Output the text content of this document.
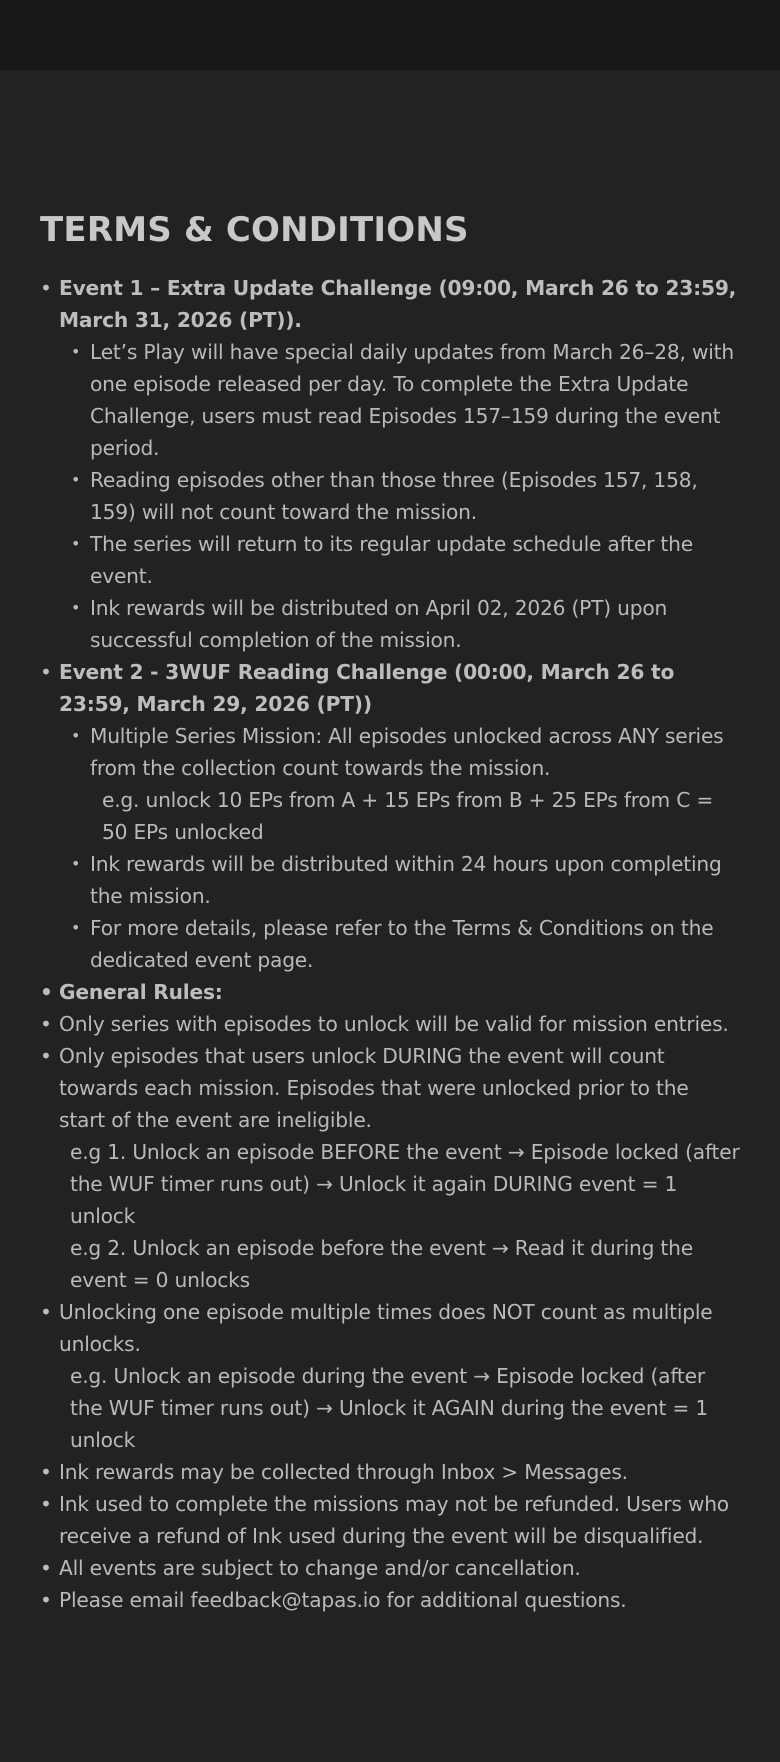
TERMS & CONDITIONS
• Event 1 – Extra Update Challenge (09:00, March 26 to 23:59, March 31, 2026 (PT)).
• Let’s Play will have special daily updates from March 26–28, with one episode released per day. To complete the Extra Update Challenge, users must read Episodes 157–159 during the event period.
• Reading episodes other than those three (Episodes 157, 158, 159) will not count toward the mission.
• The series will return to its regular update schedule after the event.
• Ink rewards will be distributed on April 02, 2026 (PT) upon successful completion of the mission.
• Event 2 - 3WUF Reading Challenge (00:00, March 26 to 23:59, March 29, 2026 (PT))
• Multiple Series Mission: All episodes unlocked across ANY series from the collection count towards the mission.
e.g. unlock 10 EPs from A + 15 EPs from B + 25 EPs from C = 50 EPs unlocked
• Ink rewards will be distributed within 24 hours upon completing the mission.
• For more details, please refer to the Terms & Conditions on the dedicated event page.
• General Rules:
• Only series with episodes to unlock will be valid for mission entries.
• Only episodes that users unlock DURING the event will count towards each mission. Episodes that were unlocked prior to the start of the event are ineligible.
e.g 1. Unlock an episode BEFORE the event → Episode locked (after the WUF timer runs out) → Unlock it again DURING event = 1 unlock
e.g 2. Unlock an episode before the event → Read it during the event = 0 unlocks
• Unlocking one episode multiple times does NOT count as multiple unlocks.
e.g. Unlock an episode during the event → Episode locked (after the WUF timer runs out) → Unlock it AGAIN during the event = 1 unlock
• Ink rewards may be collected through Inbox > Messages.
• Ink used to complete the missions may not be refunded. Users who receive a refund of Ink used during the event will be disqualified.
• All events are subject to change and/or cancellation.
• Please email feedback@tapas.io for additional questions.
